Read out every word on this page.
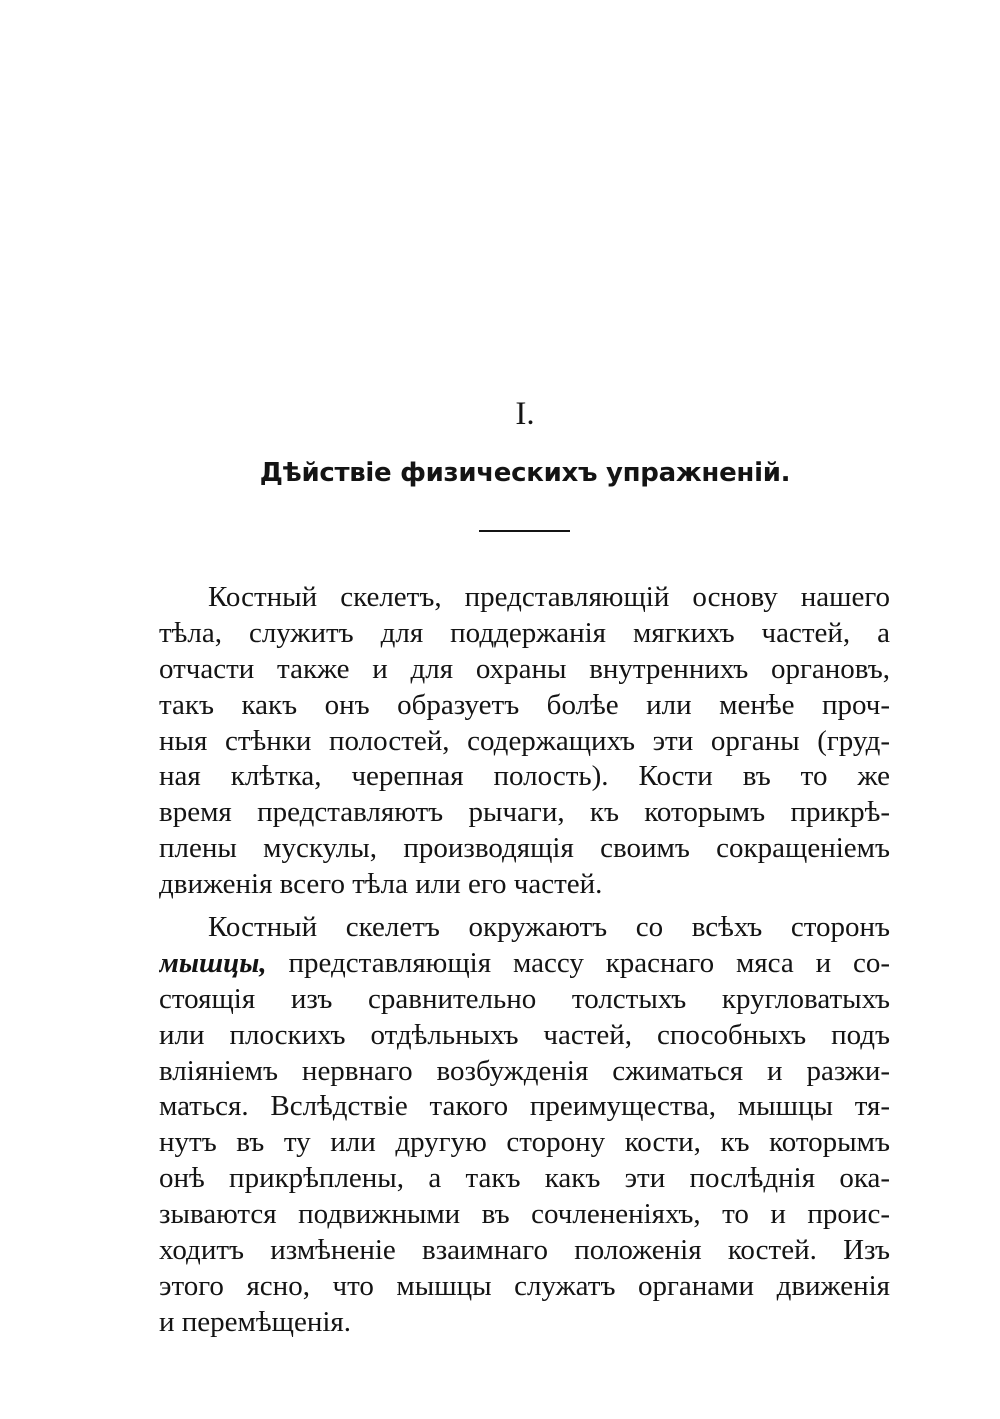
I.
Дѣйствіе физическихъ упражненій.
Костный скелетъ, представляющій основу нашего
тѣла, служитъ для поддержанія мягкихъ частей, а
отчасти также и для охраны внутреннихъ органовъ,
такъ какъ онъ образуетъ болѣе или менѣе проч-
ныя стѣнки полостей, содержащихъ эти органы (груд-
ная клѣтка, черепная полость). Кости въ то же
время представляютъ рычаги, къ которымъ прикрѣ-
плены мускулы, производящія своимъ сокращеніемъ
движенія всего тѣла или его частей.
Костный скелетъ окружаютъ со всѣхъ сторонъ
мышцы, представляющія массу краснаго мяса и со-
стоящія изъ сравнительно толстыхъ кругловатыхъ
или плоскихъ отдѣльныхъ частей, способныхъ подъ
вліяніемъ нервнаго возбужденія сжиматься и разжи-
маться. Вслѣдствіе такого преимущества, мышцы тя-
нутъ въ ту или другую сторону кости, къ которымъ
онѣ прикрѣплены, а такъ какъ эти послѣднія ока-
зываются подвижными въ сочлененіяхъ, то и проис-
ходитъ измѣненіе взаимнаго положенія костей. Изъ
этого ясно, что мышцы служатъ органами движенія
и перемѣщенія.
